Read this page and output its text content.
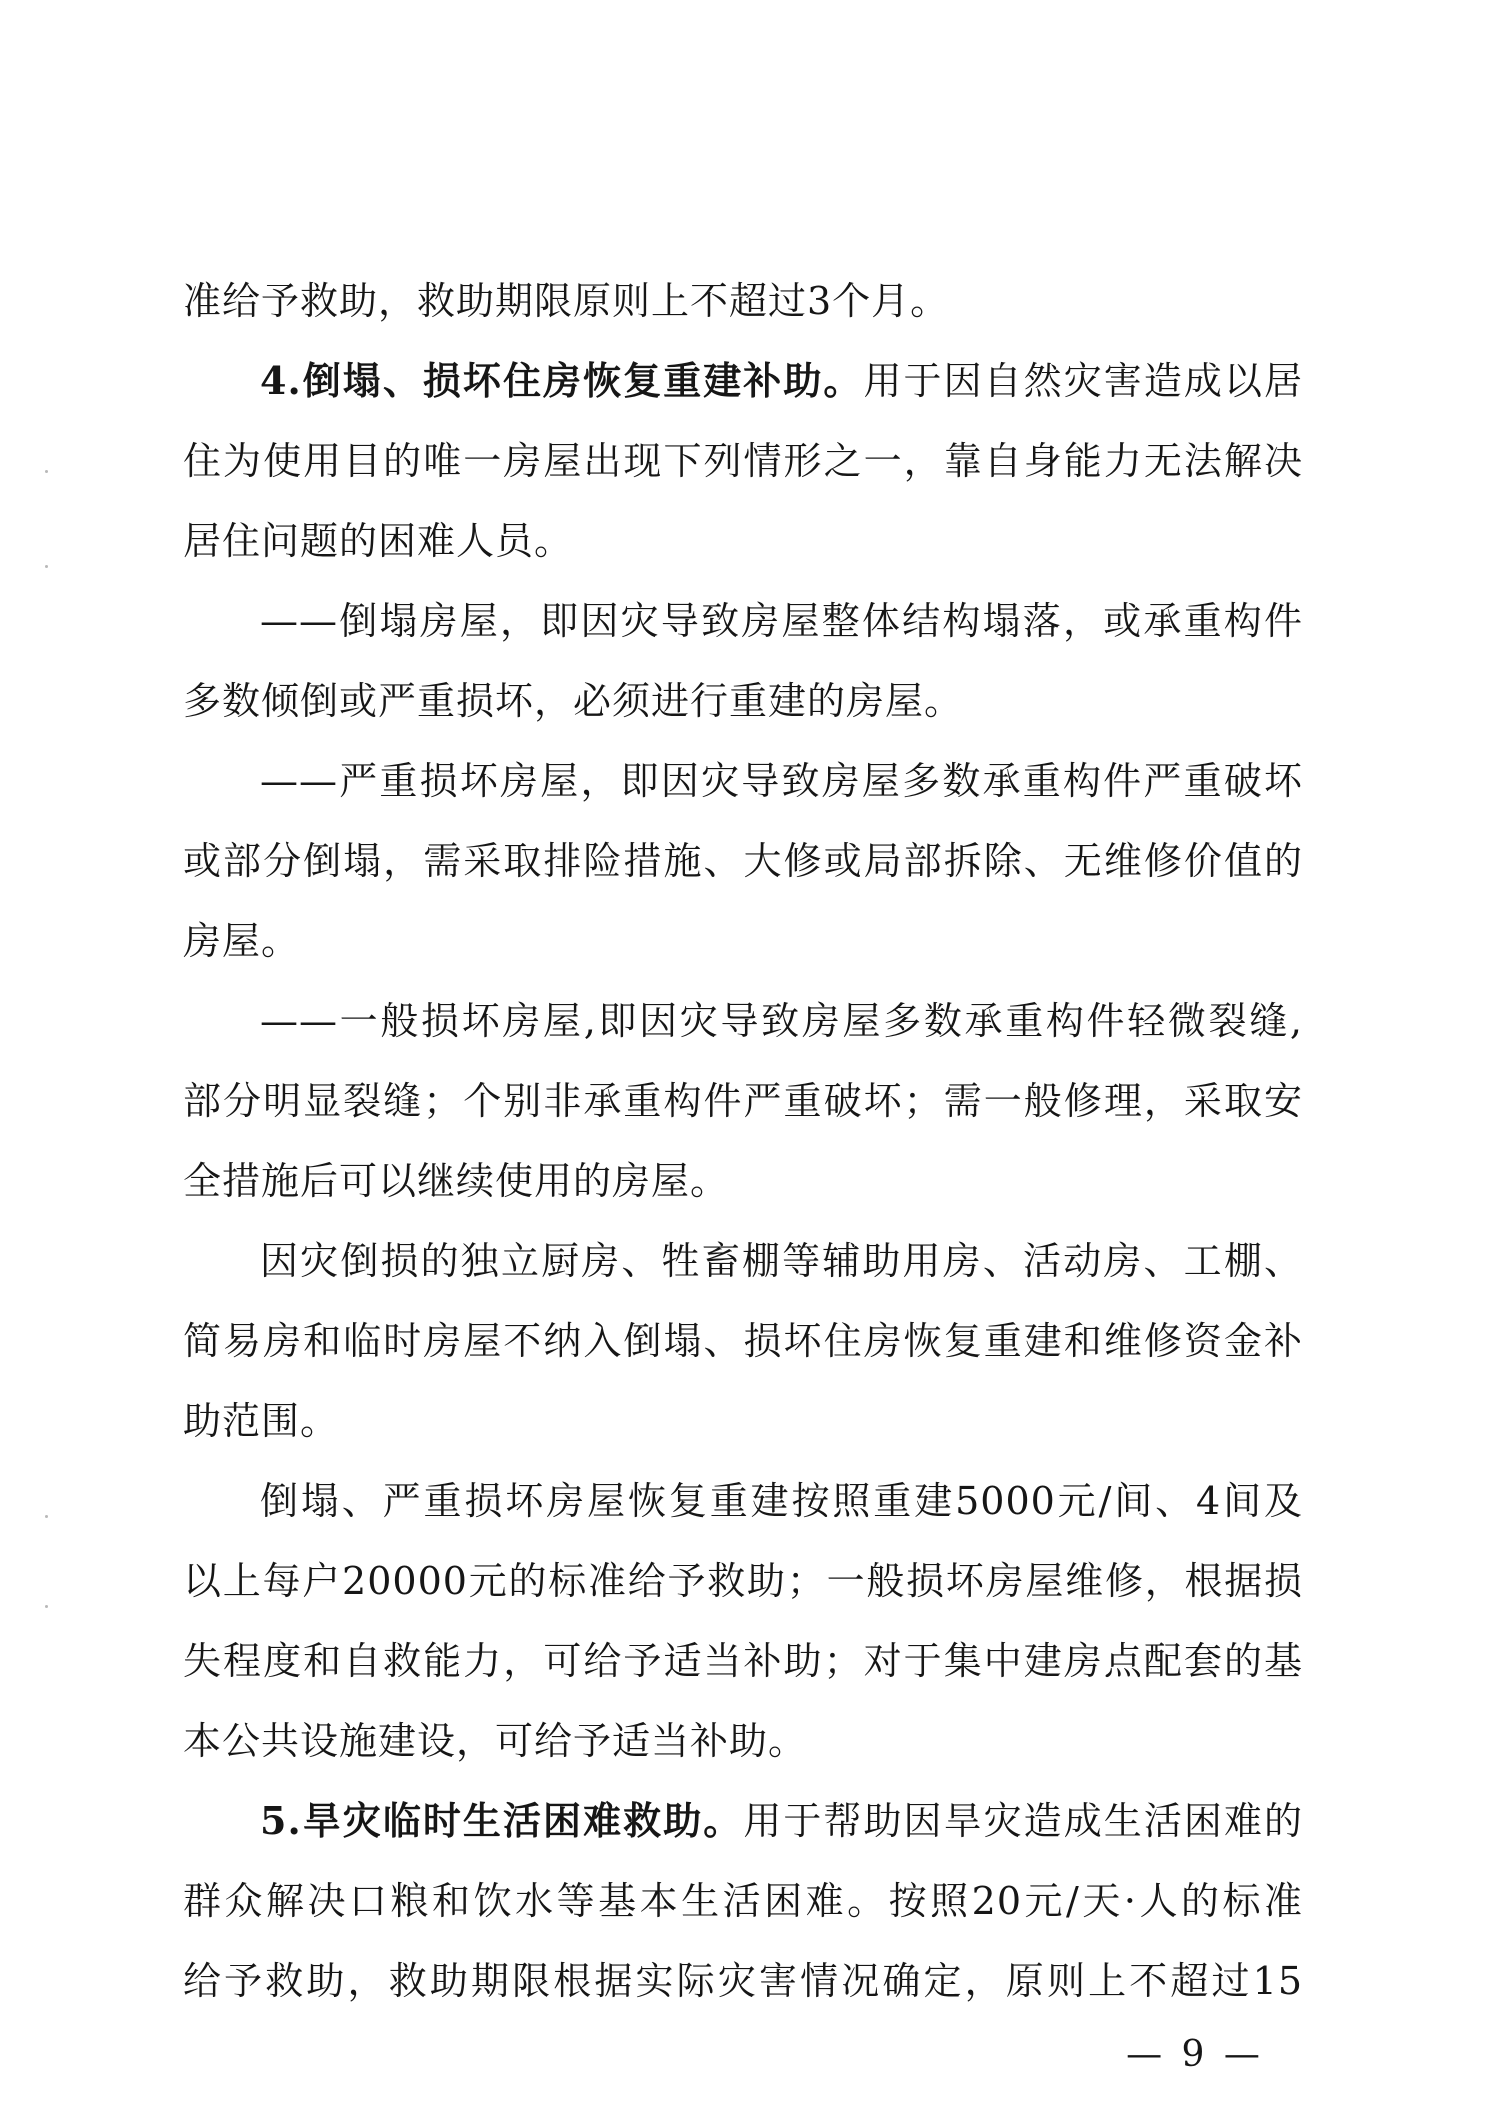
准给予救助，救助期限原则上不超过3个月。
4.倒塌、损坏住房恢复重建补助。用于因自然灾害造成以居
住为使用目的唯一房屋出现下列情形之一，靠自身能力无法解决
居住问题的困难人员。
——倒塌房屋，即因灾导致房屋整体结构塌落，或承重构件
多数倾倒或严重损坏，必须进行重建的房屋。
——严重损坏房屋，即因灾导致房屋多数承重构件严重破坏
或部分倒塌，需采取排险措施、大修或局部拆除、无维修价值的
房屋。
——一般损坏房屋,即因灾导致房屋多数承重构件轻微裂缝,
部分明显裂缝；个别非承重构件严重破坏；需一般修理，采取安
全措施后可以继续使用的房屋。
因灾倒损的独立厨房、牲畜棚等辅助用房、活动房、工棚、
简易房和临时房屋不纳入倒塌、损坏住房恢复重建和维修资金补
助范围。
倒塌、严重损坏房屋恢复重建按照重建5000元/间、4间及
以上每户20000元的标准给予救助；一般损坏房屋维修，根据损
失程度和自救能力，可给予适当补助；对于集中建房点配套的基
本公共设施建设，可给予适当补助。
5.旱灾临时生活困难救助。用于帮助因旱灾造成生活困难的
群众解决口粮和饮水等基本生活困难。按照20元/天·人的标准
给予救助，救助期限根据实际灾害情况确定，原则上不超过15
— 9 —
